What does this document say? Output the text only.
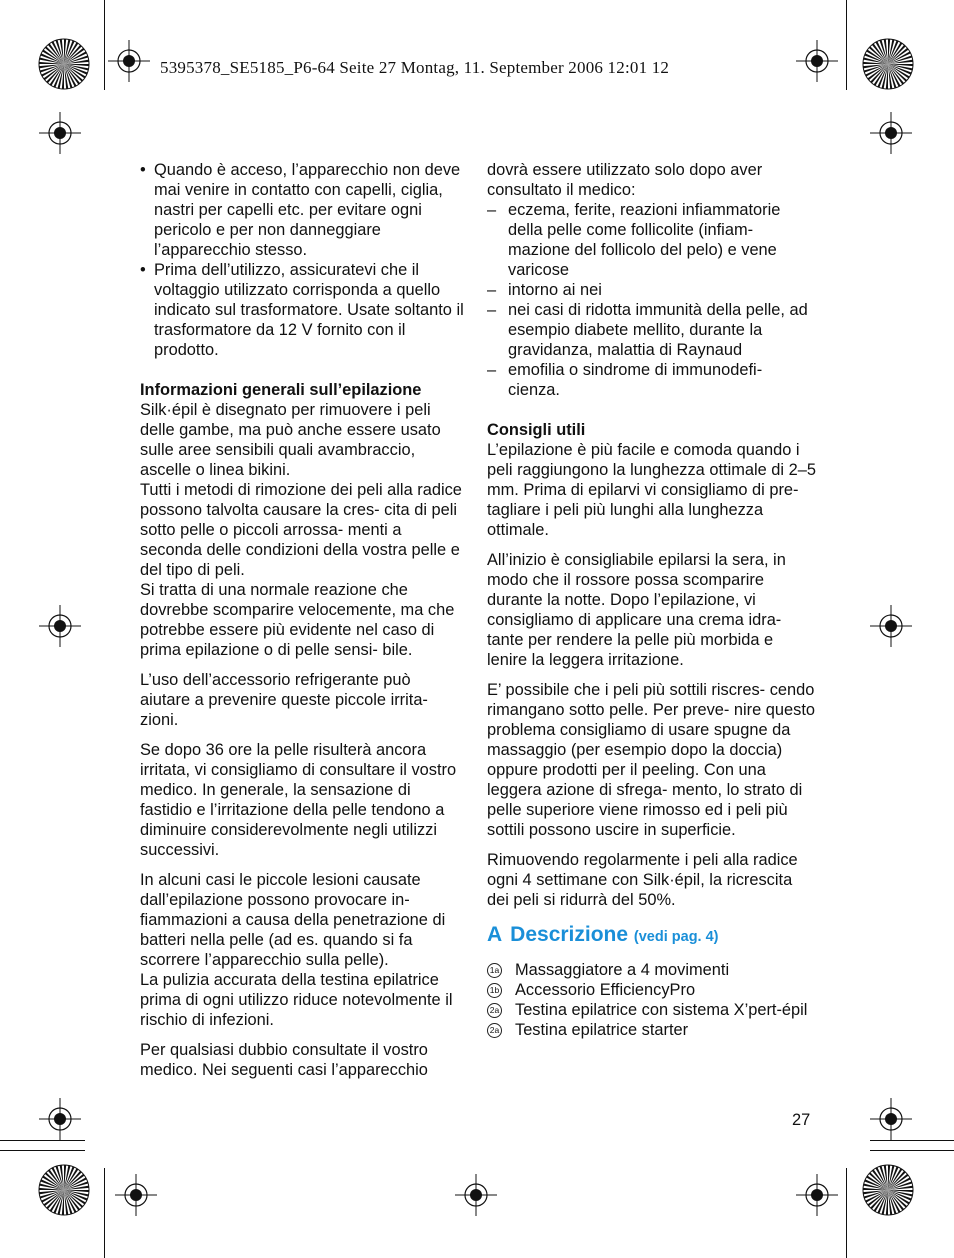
5395378_SE5185_P6-64 Seite 27 Montag, 11. September 2006 12:01 12
• Quando è acceso, l’apparecchio non deve mai venire in contatto con capelli, ciglia, nastri per capelli etc. per evitare ogni pericolo e per non danneggiare l’apparecchio stesso.
• Prima dell’utilizzo, assicuratevi che il voltaggio utilizzato corrisponda a quello indicato sul trasformatore. Usate soltanto il trasformatore da 12 V fornito con il prodotto.

Informazioni generali sull’epilazione

Silk·épil è disegnato per rimuovere i peli delle gambe, ma può anche essere usato sulle aree sensibili quali avambraccio, ascelle o linea bikini.

Tutti i metodi di rimozione dei peli alla radice possono talvolta causare la cres- cita di peli sotto pelle o piccoli arrossa- menti a seconda delle condizioni della vostra pelle e del tipo di peli.

Si tratta di una normale reazione che dovrebbe scomparire velocemente, ma che potrebbe essere più evidente nel caso di prima epilazione o di pelle sensi- bile.

L’uso dell’accessorio refrigerante può aiutare a prevenire queste piccole irrita- zioni.

Se dopo 36 ore la pelle risulterà ancora irritata, vi consigliamo di consultare il vostro medico. In generale, la sensazione di fastidio e l’irritazione della pelle tendono a diminuire considerevolmente negli utilizzi successivi.

In alcuni casi le piccole lesioni causate dall’epilazione possono provocare in- fiammazioni a causa della penetrazione di batteri nella pelle (ad es. quando si fa scorrere l’apparecchio sulla pelle).

La pulizia accurata della testina epilatrice prima di ogni utilizzo riduce notevolmente il rischio di infezioni.

Per qualsiasi dubbio consultate il vostro medico. Nei seguenti casi l’apparecchio

dovrà essere utilizzato solo dopo aver consultato il medico:

– eczema, ferite, reazioni infiammatorie della pelle come follicolite (infiam- mazione del follicolo del pelo) e vene varicose
– intorno ai nei
– nei casi di ridotta immunità della pelle, ad esempio diabete mellito, durante la gravidanza, malattia di Raynaud
– emofilia o sindrome di immunodefi- cienza.

Consigli utili

L’epilazione è più facile e comoda quando i peli raggiungono la lunghezza ottimale di 2–5 mm. Prima di epilarvi vi consigliamo di pre-tagliare i peli più lunghi alla lunghezza ottimale.

All’inizio è consigliabile epilarsi la sera, in modo che il rossore possa scomparire durante la notte. Dopo l’epilazione, vi consigliamo di applicare una crema idra- tante per rendere la pelle più morbida e lenire la leggera irritazione.

E’ possibile che i peli più sottili riscres- cendo rimangano sotto pelle. Per preve- nire questo problema consigliamo di usare spugne da massaggio (per esempio dopo la doccia) oppure prodotti per il peeling. Con una leggera azione di sfrega- mento, lo strato di pelle superiore viene rimosso ed i peli più sottili possono uscire in superficie.

Rimuovendo regolarmente i peli alla radice ogni 4 settimane con Silk·épil, la ricrescita dei peli si ridurrà del 50%.

A Descrizione (vedi pag. 4)
1a Massaggiatore a 4 movimenti
1b Accessorio EfficiencyPro
2a Testina epilatrice con sistema X’pert-épil
2a Testina epilatrice starter
27
